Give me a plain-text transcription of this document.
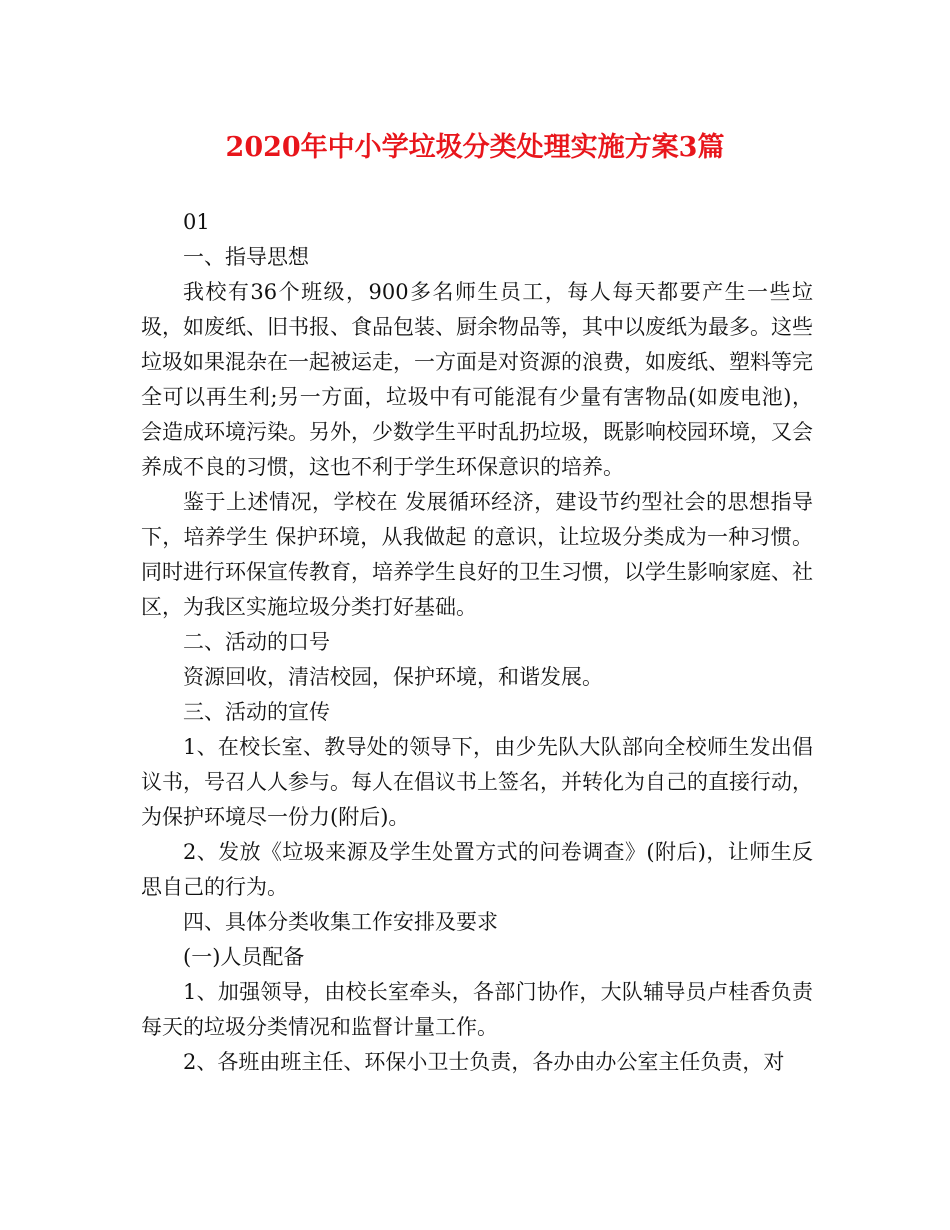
2020年中小学垃圾分类处理实施方案3篇

01

一、指导思想

我校有36个班级，900多名师生员工，每人每天都要产生一些垃圾，如废纸、旧书报、食品包装、厨余物品等，其中以废纸为最多。这些垃圾如果混杂在一起被运走，一方面是对资源的浪费，如废纸、塑料等完全可以再生利;另一方面，垃圾中有可能混有少量有害物品(如废电池)，会造成环境污染。另外，少数学生平时乱扔垃圾，既影响校园环境，又会养成不良的习惯，这也不利于学生环保意识的培养。

鉴于上述情况，学校在 发展循环经济，建设节约型社会的思想指导下，培养学生 保护环境，从我做起 的意识，让垃圾分类成为一种习惯。同时进行环保宣传教育，培养学生良好的卫生习惯，以学生影响家庭、社区，为我区实施垃圾分类打好基础。

二、活动的口号

资源回收，清洁校园，保护环境，和谐发展。

三、活动的宣传

1、在校长室、教导处的领导下，由少先队大队部向全校师生发出倡议书，号召人人参与。每人在倡议书上签名，并转化为自己的直接行动，为保护环境尽一份力(附后)。

2、发放《垃圾来源及学生处置方式的问卷调查》(附后)，让师生反思自己的行为。

四、具体分类收集工作安排及要求

(一)人员配备

1、加强领导，由校长室牵头，各部门协作，大队辅导员卢桂香负责每天的垃圾分类情况和监督计量工作。

2、各班由班主任、环保小卫士负责，各办由办公室主任负责，对
